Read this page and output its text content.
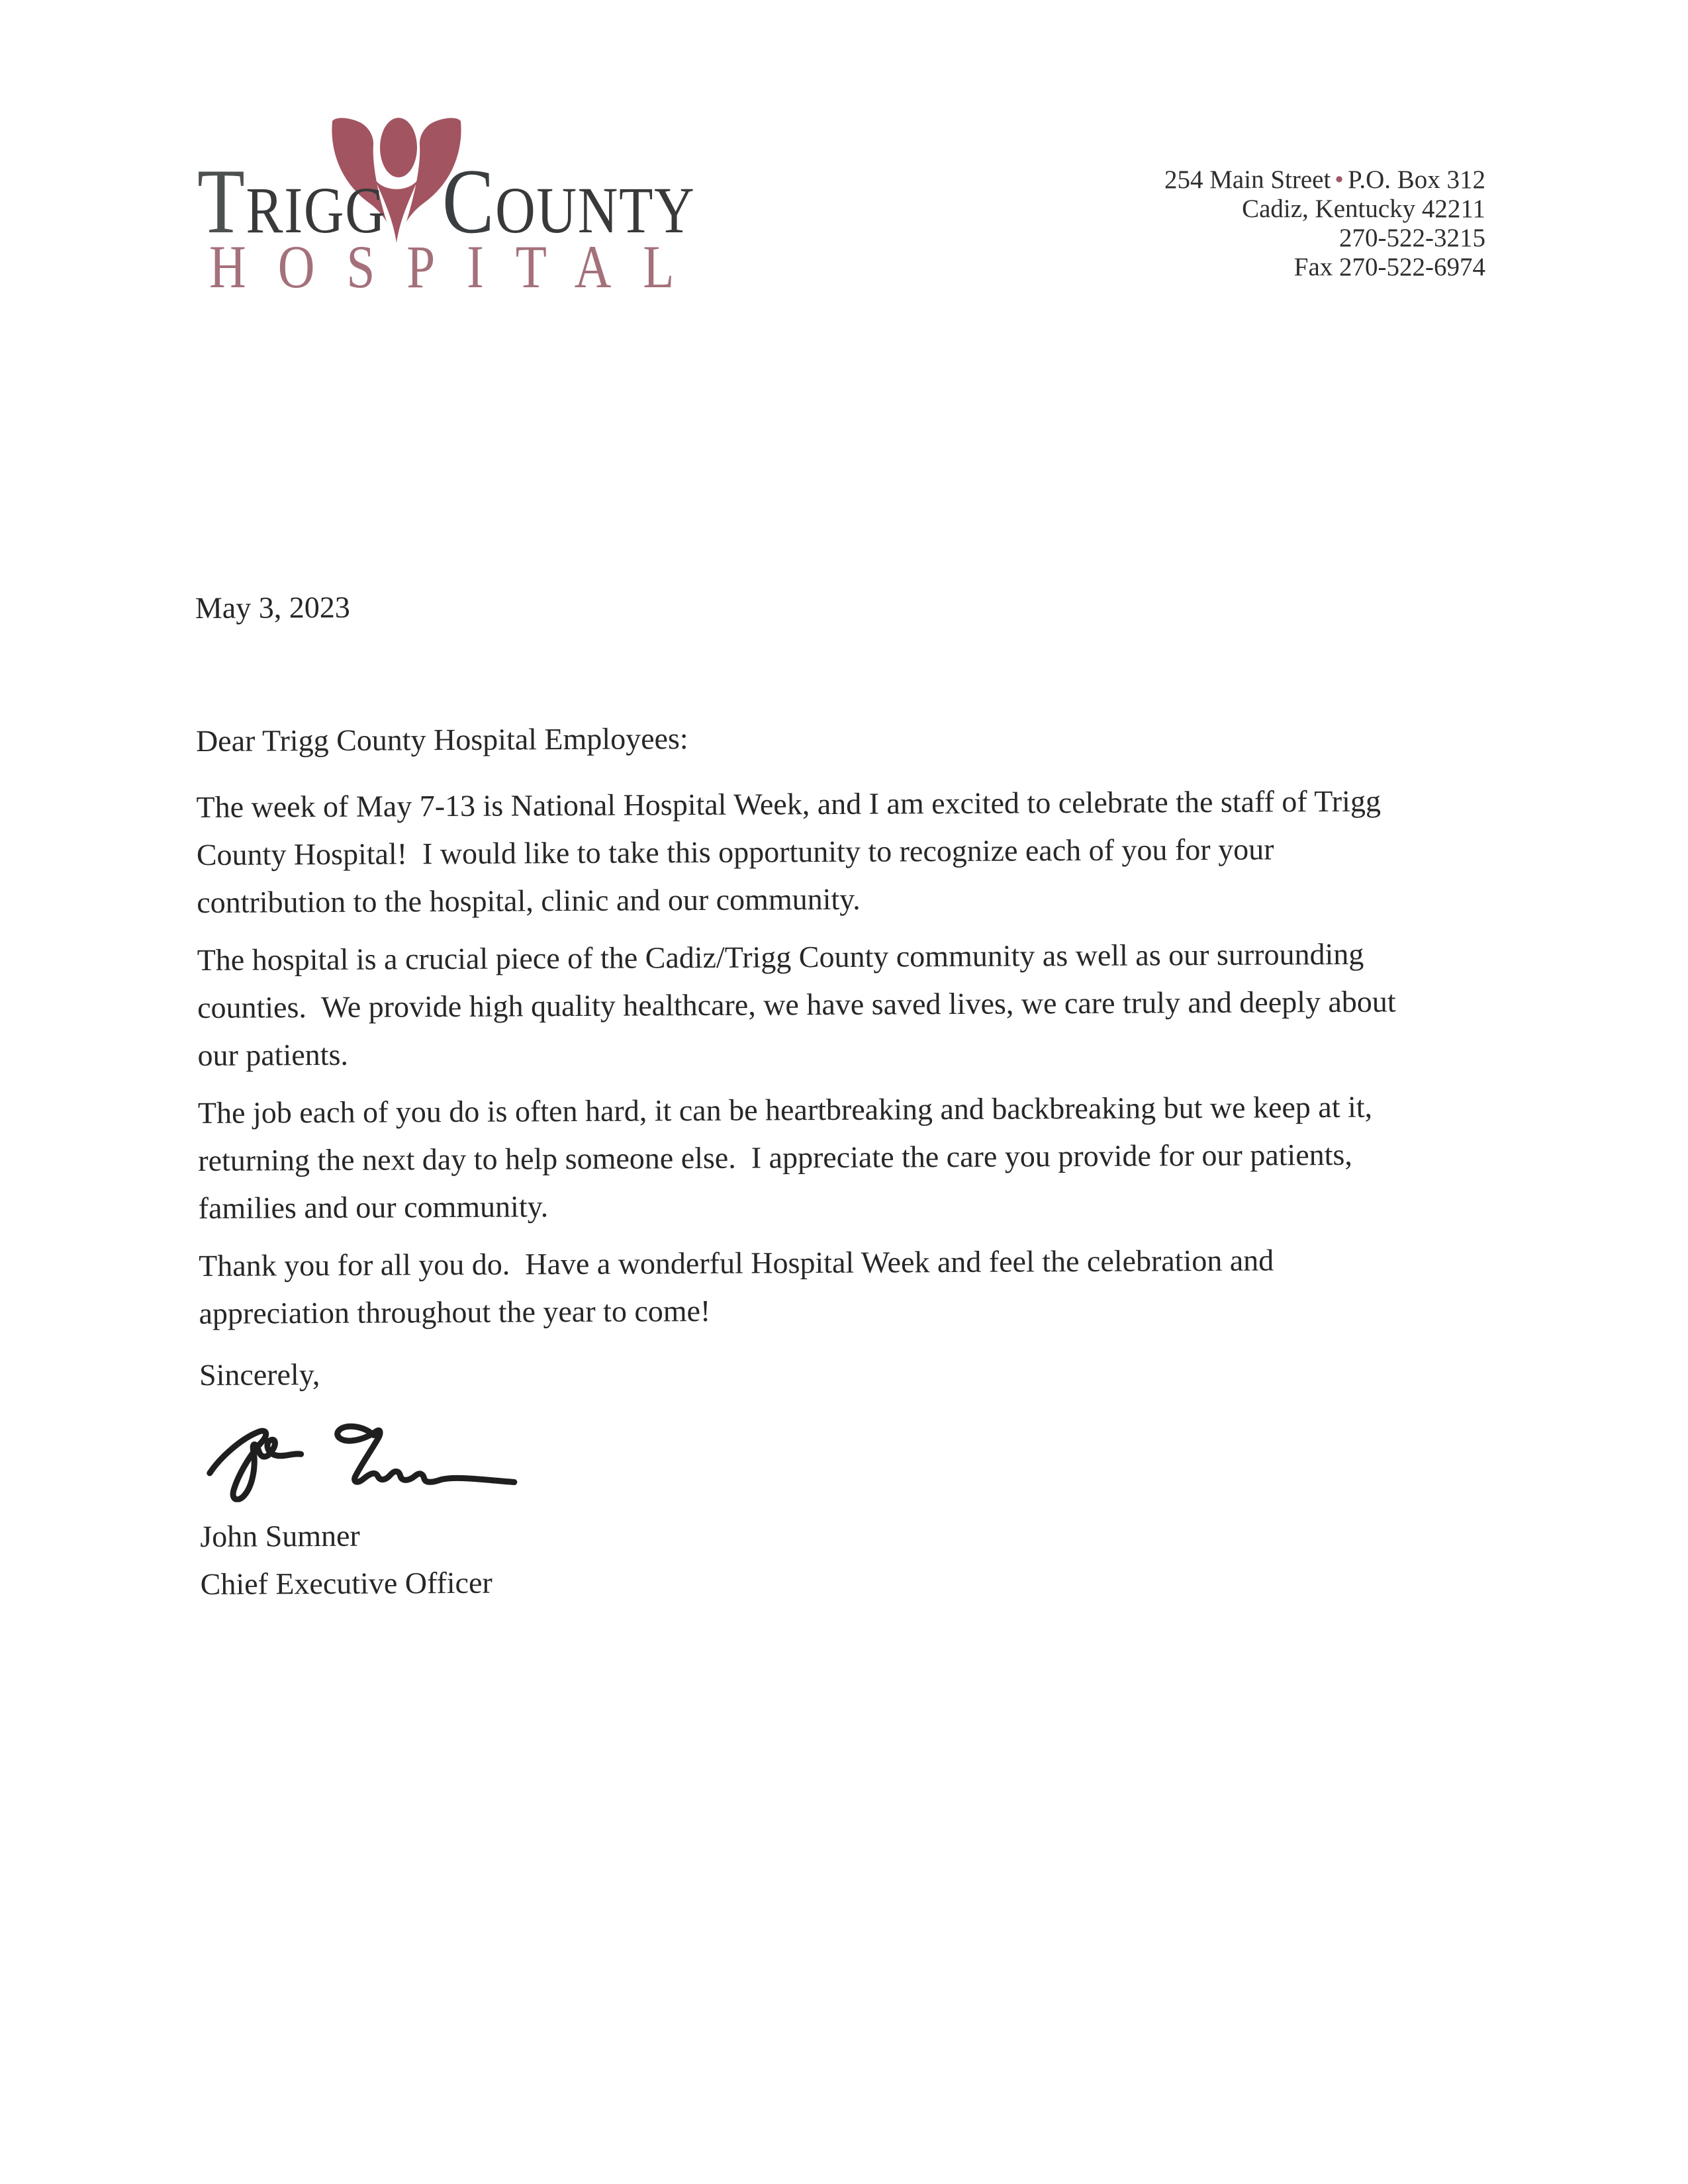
T RIGG C OUNTY
HOSPITAL
254 Main Street • P.O. Box 312
Cadiz, Kentucky 42211
270-522-3215
Fax 270-522-6974
May 3, 2023
Dear Trigg County Hospital Employees:

The week of May 7-13 is National Hospital Week, and I am excited to celebrate the staff of Trigg
County Hospital!  I would like to take this opportunity to recognize each of you for your
contribution to the hospital, clinic and our community.

The hospital is a crucial piece of the Cadiz/Trigg County community as well as our surrounding
counties.  We provide high quality healthcare, we have saved lives, we care truly and deeply about
our patients.

The job each of you do is often hard, it can be heartbreaking and backbreaking but we keep at it,
returning the next day to help someone else.  I appreciate the care you provide for our patients,
families and our community.

Thank you for all you do.  Have a wonderful Hospital Week and feel the celebration and
appreciation throughout the year to come!

Sincerely,
John Sumner
Chief Executive Officer
